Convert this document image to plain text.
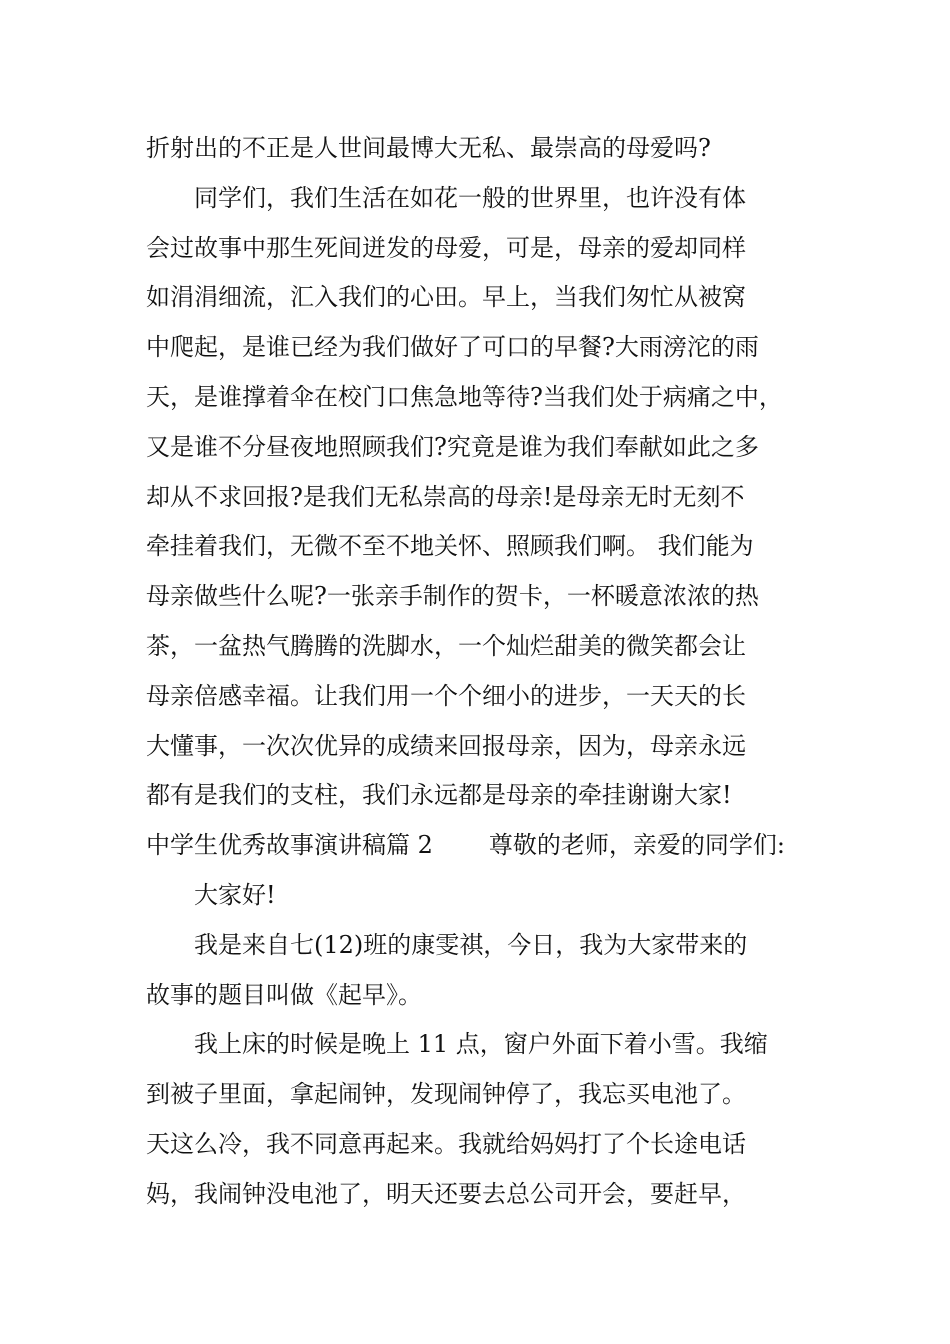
折射出的不正是人世间最博大无私、最崇高的母爱吗?
同学们，我们生活在如花一般的世界里，也许没有体
会过故事中那生死间迸发的母爱，可是，母亲的爱却同样
如涓涓细流，汇入我们的心田。早上，当我们匆忙从被窝
中爬起，是谁已经为我们做好了可口的早餐?大雨滂沱的雨
天，是谁撑着伞在校门口焦急地等待?当我们处于病痛之中，
又是谁不分昼夜地照顾我们?究竟是谁为我们奉献如此之多
却从不求回报?是我们无私崇高的母亲!是母亲无时无刻不
牵挂着我们，无微不至不地关怀、照顾我们啊。 我们能为
母亲做些什么呢?一张亲手制作的贺卡，一杯暖意浓浓的热
茶，一盆热气腾腾的洗脚水，一个灿烂甜美的微笑都会让
母亲倍感幸福。让我们用一个个细小的进步，一天天的长
大懂事，一次次优异的成绩来回报母亲，因为，母亲永远
都有是我们的支柱，我们永远都是母亲的牵挂谢谢大家!
中学生优秀故事演讲稿篇 2 尊敬的老师，亲爱的同学们:
大家好!
我是来自七(12)班的康雯祺，今日，我为大家带来的
故事的题目叫做《起早》。
我上床的时候是晚上 11 点，窗户外面下着小雪。我缩
到被子里面，拿起闹钟，发现闹钟停了，我忘买电池了。
天这么冷，我不同意再起来。我就给妈妈打了个长途电话
妈，我闹钟没电池了，明天还要去总公司开会，要赶早，
